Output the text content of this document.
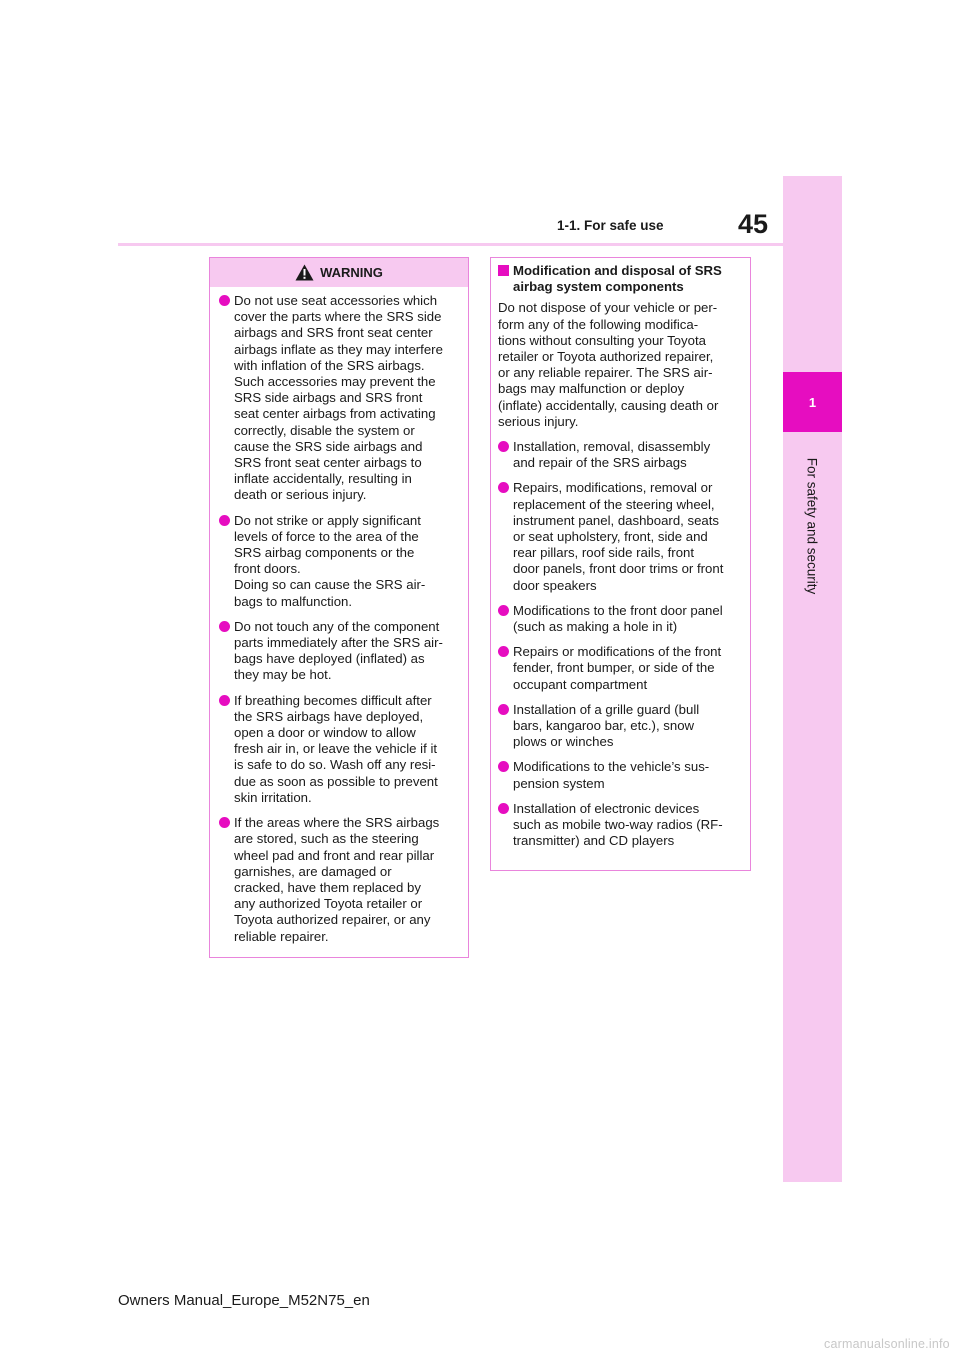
1
For safety and security
1-1. For safe use	45
WARNING
Do not use seat accessories which
cover the parts where the SRS side
airbags and SRS front seat center
airbags inflate as they may interfere
with inflation of the SRS airbags.
Such accessories may prevent the
SRS side airbags and SRS front
seat center airbags from activating
correctly, disable the system or
cause the SRS side airbags and
SRS front seat center airbags to
inflate accidentally, resulting in
death or serious injury.
Do not strike or apply significant
levels of force to the area of the
SRS airbag components or the
front doors.
Doing so can cause the SRS air-
bags to malfunction.
Do not touch any of the component
parts immediately after the SRS air-
bags have deployed (inflated) as
they may be hot.
If breathing becomes difficult after
the SRS airbags have deployed,
open a door or window to allow
fresh air in, or leave the vehicle if it
is safe to do so. Wash off any resi-
due as soon as possible to prevent
skin irritation.
If the areas where the SRS airbags
are stored, such as the steering
wheel pad and front and rear pillar
garnishes, are damaged or
cracked, have them replaced by
any authorized Toyota retailer or
Toyota authorized repairer, or any
reliable repairer.
Modification and disposal of SRS airbag system components
Do not dispose of your vehicle or per-
form any of the following modifica-
tions without consulting your Toyota
retailer or Toyota authorized repairer,
or any reliable repairer. The SRS air-
bags may malfunction or deploy
(inflate) accidentally, causing death or
serious injury.
Installation, removal, disassembly
and repair of the SRS airbags
Repairs, modifications, removal or
replacement of the steering wheel,
instrument panel, dashboard, seats
or seat upholstery, front, side and
rear pillars, roof side rails, front
door panels, front door trims or front
door speakers
Modifications to the front door panel
(such as making a hole in it)
Repairs or modifications of the front
fender, front bumper, or side of the
occupant compartment
Installation of a grille guard (bull
bars, kangaroo bar, etc.), snow
plows or winches
Modifications to the vehicle’s sus-
pension system
Installation of electronic devices
such as mobile two-way radios (RF-
transmitter) and CD players
Owners Manual_Europe_M52N75_en
carmanualsonline.info
